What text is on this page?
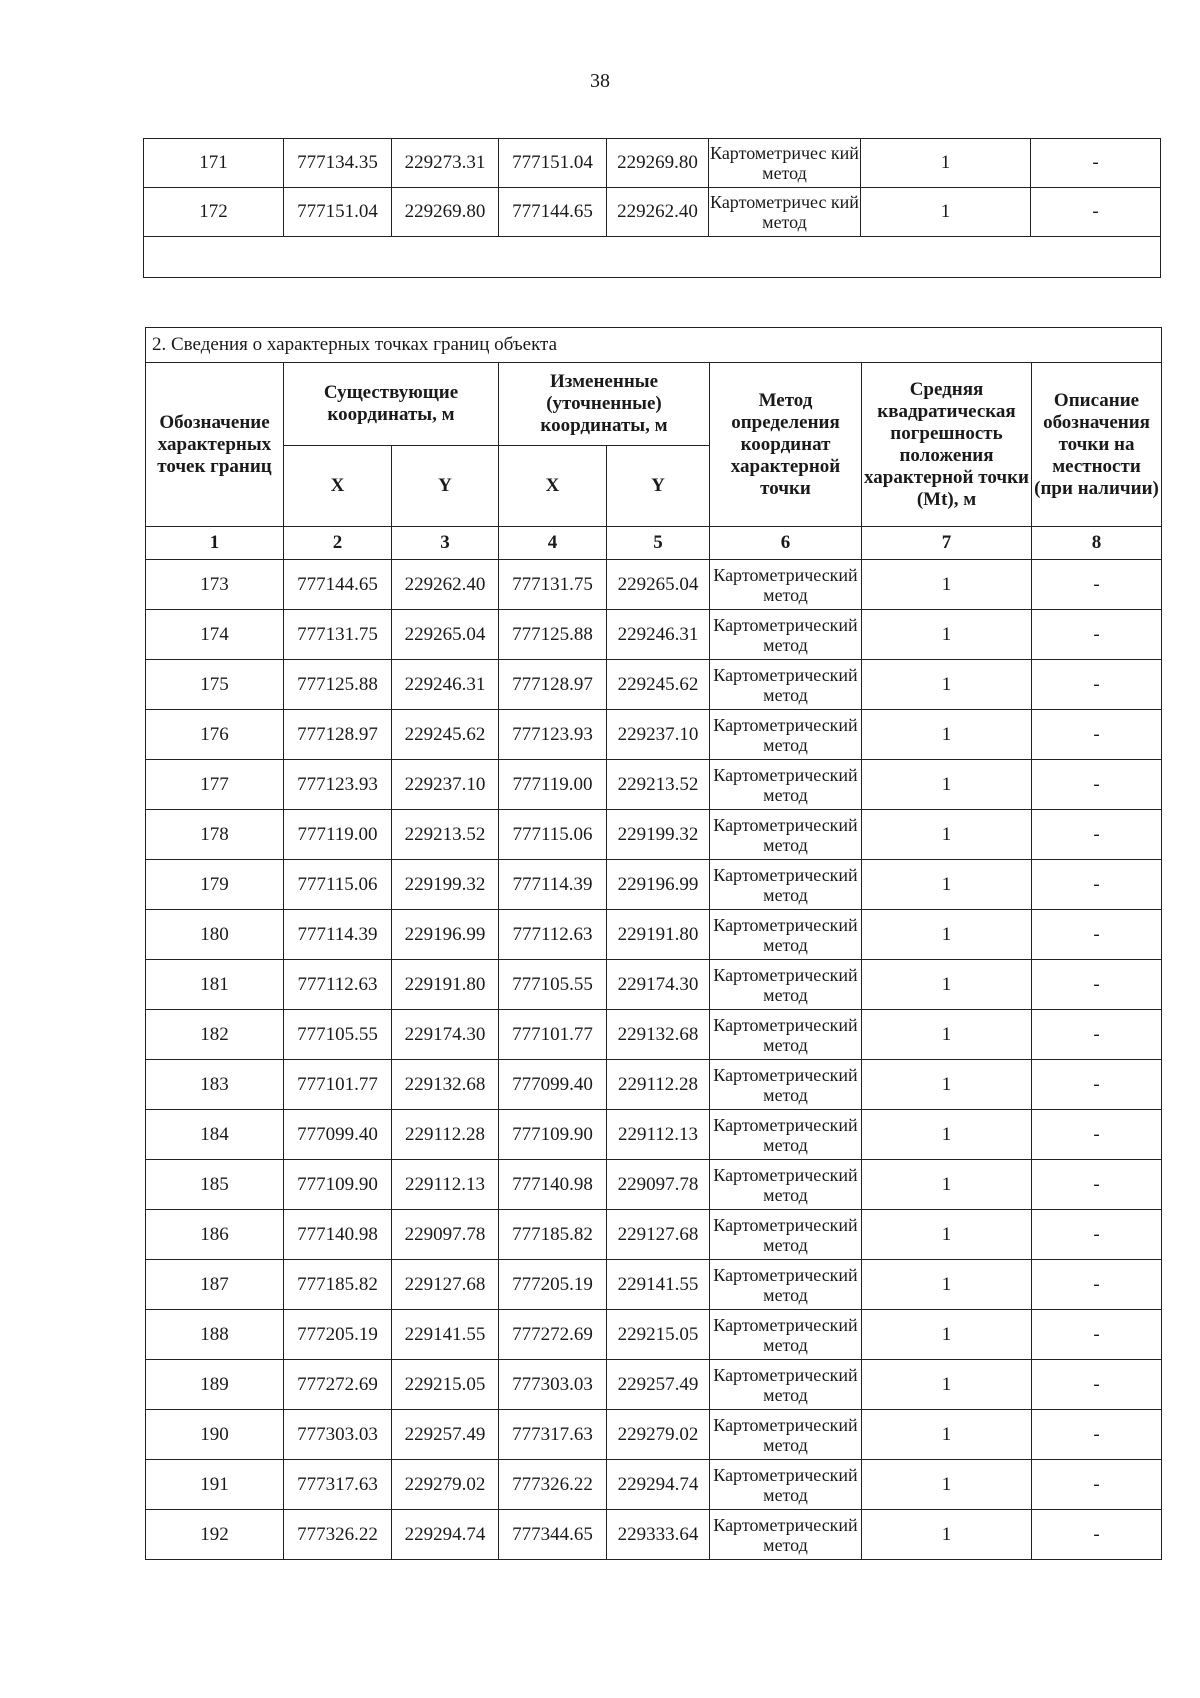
38
171	777134.35	229273.31	777151.04	229269.80	Картометричес кий метод	1	-
172	777151.04	229269.80	777144.65	229262.40	Картометричес кий метод	1	-

2. Сведения о характерных точках границ объекта							
Обозначение характерных точек границ	Существующие координаты, м		Измененные (уточненные) координаты, м		Метод определения координат характерной точки	Средняя квадратическая погрешность положения характерной точки (Mt), м	Описание обозначения точки на местности (при наличии)
	X	Y	X	Y			
1	2	3	4	5	6	7	8
173	777144.65	229262.40	777131.75	229265.04	Картометрический метод	1	-
174	777131.75	229265.04	777125.88	229246.31	Картометрический метод	1	-
175	777125.88	229246.31	777128.97	229245.62	Картометрический метод	1	-
176	777128.97	229245.62	777123.93	229237.10	Картометрический метод	1	-
177	777123.93	229237.10	777119.00	229213.52	Картометрический метод	1	-
178	777119.00	229213.52	777115.06	229199.32	Картометрический метод	1	-
179	777115.06	229199.32	777114.39	229196.99	Картометрический метод	1	-
180	777114.39	229196.99	777112.63	229191.80	Картометрический метод	1	-
181	777112.63	229191.80	777105.55	229174.30	Картометрический метод	1	-
182	777105.55	229174.30	777101.77	229132.68	Картометрический метод	1	-
183	777101.77	229132.68	777099.40	229112.28	Картометрический метод	1	-
184	777099.40	229112.28	777109.90	229112.13	Картометрический метод	1	-
185	777109.90	229112.13	777140.98	229097.78	Картометрический метод	1	-
186	777140.98	229097.78	777185.82	229127.68	Картометрический метод	1	-
187	777185.82	229127.68	777205.19	229141.55	Картометрический метод	1	-
188	777205.19	229141.55	777272.69	229215.05	Картометрический метод	1	-
189	777272.69	229215.05	777303.03	229257.49	Картометрический метод	1	-
190	777303.03	229257.49	777317.63	229279.02	Картометрический метод	1	-
191	777317.63	229279.02	777326.22	229294.74	Картометрический метод	1	-
192	777326.22	229294.74	777344.65	229333.64	Картометрический метод	1	-
